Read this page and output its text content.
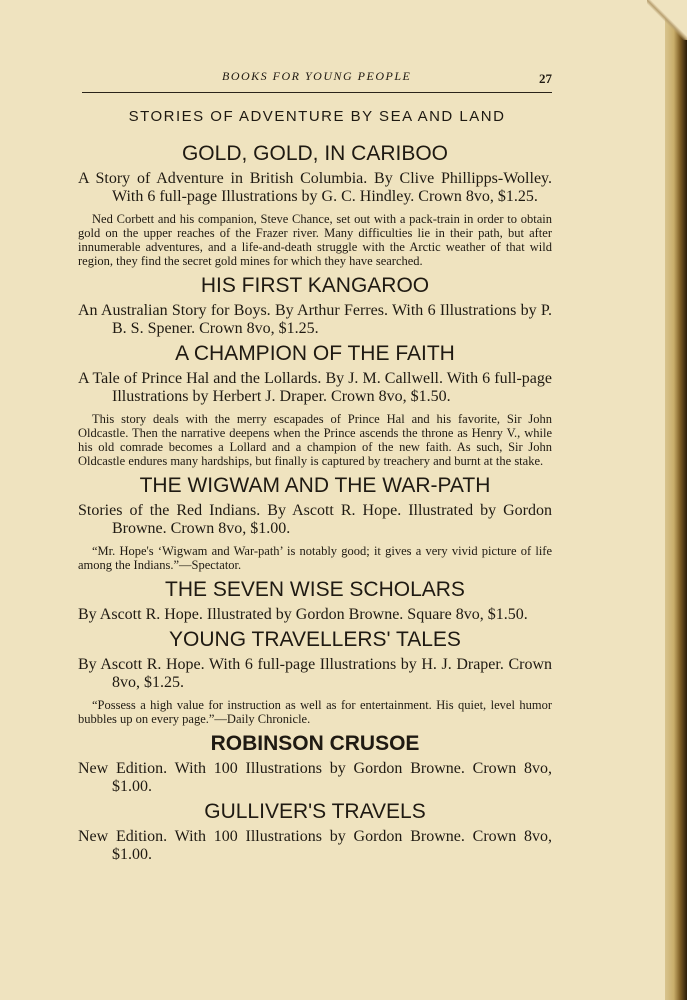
BOOKS FOR YOUNG PEOPLE	27
STORIES OF ADVENTURE BY SEA AND LAND
GOLD, GOLD, IN CARIBOO

A Story of Adventure in British Columbia. By Clive Phillipps-Wolley. With 6 full-page Illustrations by G. C. Hindley. Crown 8vo, $1.25.

Ned Corbett and his companion, Steve Chance, set out with a pack-train in order to obtain gold on the upper reaches of the Frazer river. Many difficulties lie in their path, but after innumerable adventures, and a life-and-death struggle with the Arctic weather of that wild region, they find the secret gold mines for which they have searched.

HIS FIRST KANGAROO

An Australian Story for Boys. By Arthur Ferres. With 6 Illustrations by P. B. S. Spener. Crown 8vo, $1.25.

A CHAMPION OF THE FAITH

A Tale of Prince Hal and the Lollards. By J. M. Callwell. With 6 full-page Illustrations by Herbert J. Draper. Crown 8vo, $1.50.

This story deals with the merry escapades of Prince Hal and his favorite, Sir John Oldcastle. Then the narrative deepens when the Prince ascends the throne as Henry V., while his old comrade becomes a Lollard and a champion of the new faith. As such, Sir John Oldcastle endures many hardships, but finally is captured by treachery and burnt at the stake.

THE WIGWAM AND THE WAR-PATH

Stories of the Red Indians. By Ascott R. Hope. Illustrated by Gordon Browne. Crown 8vo, $1.00.

“Mr. Hope's ‘Wigwam and War-path’ is notably good; it gives a very vivid picture of life among the Indians.”—Spectator.

THE SEVEN WISE SCHOLARS

By Ascott R. Hope. Illustrated by Gordon Browne. Square 8vo, $1.50.

YOUNG TRAVELLERS' TALES

By Ascott R. Hope. With 6 full-page Illustrations by H. J. Draper. Crown 8vo, $1.25.

“Possess a high value for instruction as well as for entertainment. His quiet, level humor bubbles up on every page.”—Daily Chronicle.

ROBINSON CRUSOE

New Edition. With 100 Illustrations by Gordon Browne. Crown 8vo, $1.00.

GULLIVER'S TRAVELS

New Edition. With 100 Illustrations by Gordon Browne. Crown 8vo, $1.00.
